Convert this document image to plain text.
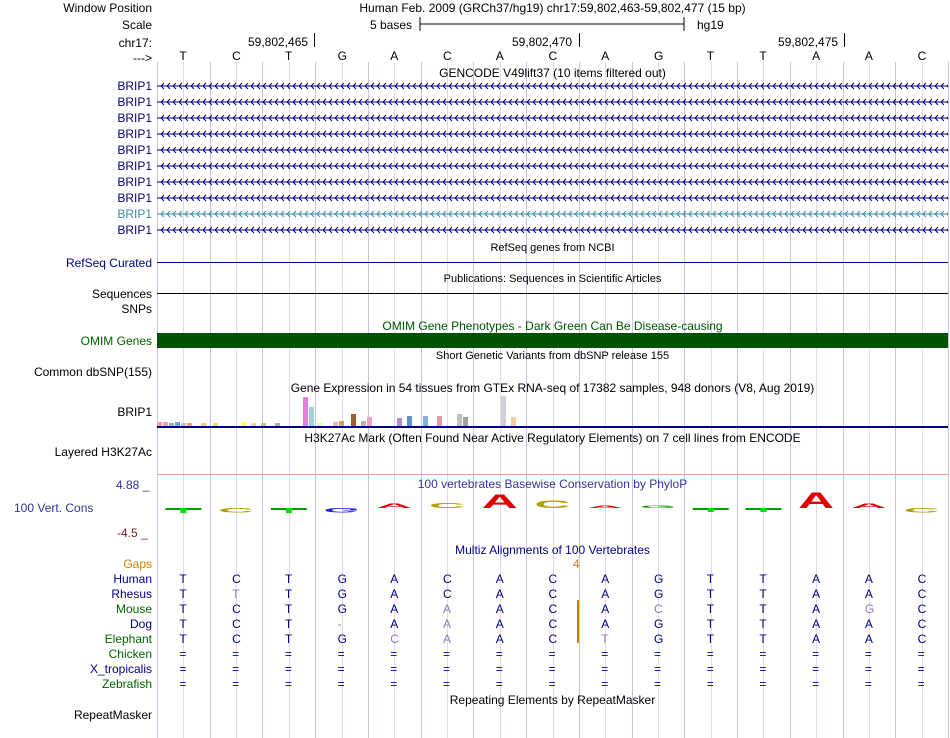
Window Position	Human Feb. 2009 (GRCh37/hg19) chr17:59,802,463-59,802,477 (15 bp)
Scale	5 bases	hg19
chr17:	59,802,465	59,802,470	59,802,475
---> T	C	T	G	A	C	A	C	A	G	T	T	A	A	C
GENCODE V49lift37 (10 items filtered out)
BRIP1
BRIP1
BRIP1
BRIP1
BRIP1
BRIP1
BRIP1
BRIP1
BRIP1
BRIP1
RefSeq genes from NCBI
RefSeq Curated
Publications: Sequences in Scientific Articles
Sequences
SNPs
OMIM Gene Phenotypes - Dark Green Can Be Disease-causing
OMIM Genes
Short Genetic Variants from dbSNP release 155
Common dbSNP(155)
Gene Expression in 54 tissues from GTEx RNA-seq of 17382 samples, 948 donors (V8, Aug 2019)
BRIP1
H3K27Ac Mark (Often Found Near Active Regulatory Elements) on 7 cell lines from ENCODE
Layered H3K27Ac
100 vertebrates Basewise Conservation by PhyloP
4.88 _
100 Vert. Cons
-4.5 _
C	G
A C A C A G	A A
C
Multiz Alignments of 100 Vertebrates
Gaps	4
Human T	C	T	G	A	C	A	C	A	G	T	T	A	A	C
Rhesus T	T	T	G	A	C	A	C	A	G	T	T	A	A	C
Mouse T	C	T	G	A	A	A	C	A	C	T	T	A	G	C
Dog T	C	T	-	A	A	A	C	A	G	T	T	A	A	C
Elephant T	C	T	G	C	A	A	C	T	G	T	T	A	A	C
Chicken =	=	=	=	=	=	=	=	=	=	=	=	=	=	=
X_tropicalis =	=	=	=	=	=	=	=	=	=	=	=	=	=	=
Zebrafish =	=	=	=	=	=	=	=	=	=	=	=	=	=	=
Repeating Elements by RepeatMasker
RepeatMasker
